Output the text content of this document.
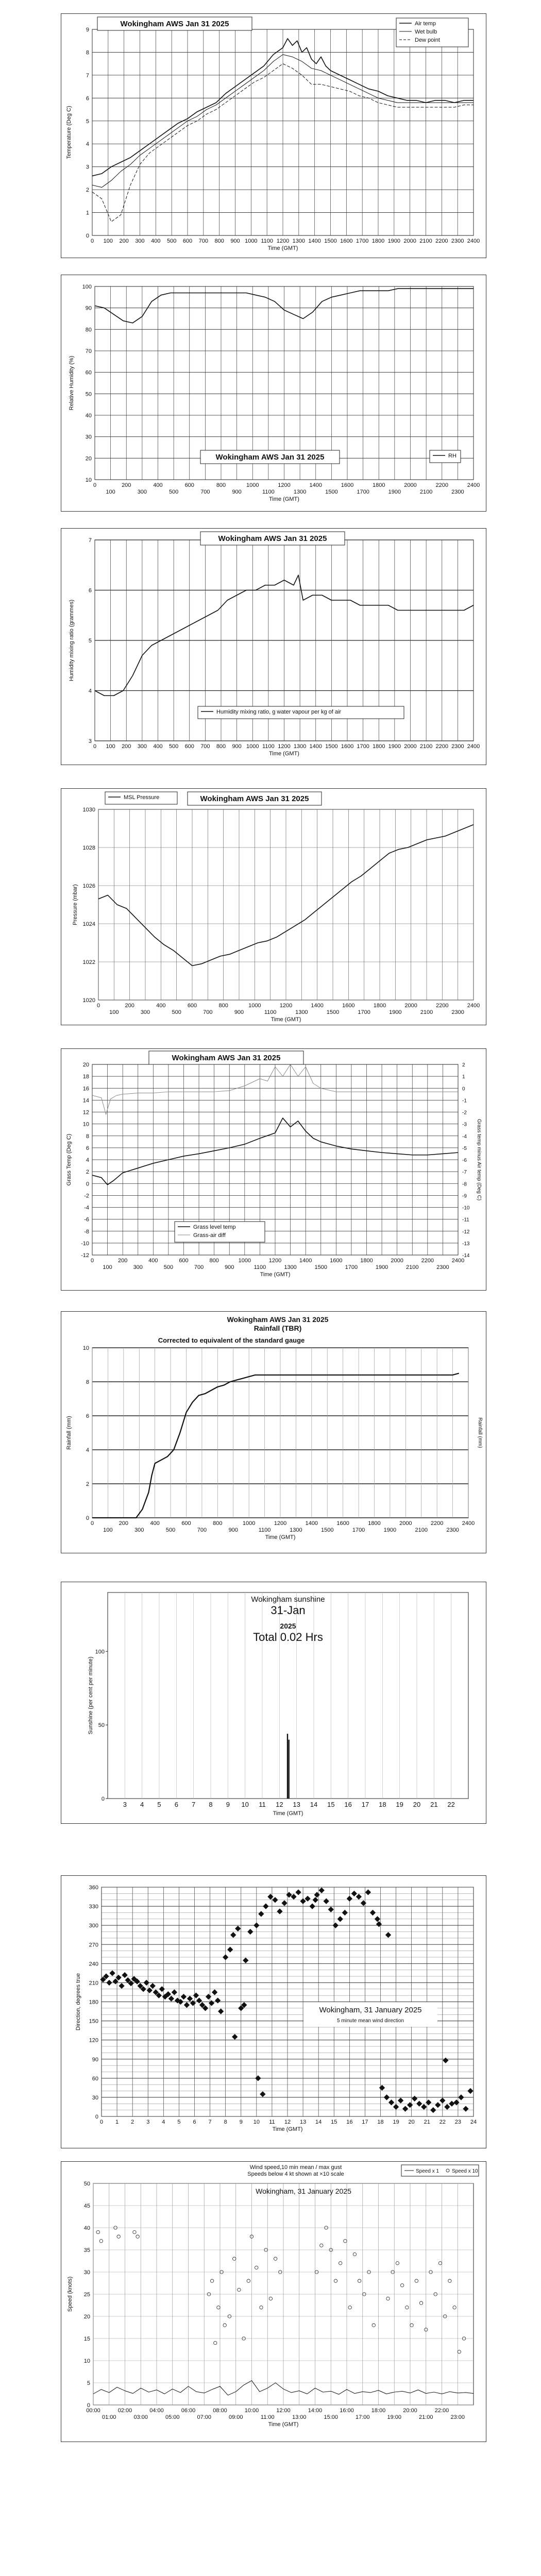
0
1
2
3
4
5
6
7
8
9
0 100 200 300 400 500 600 700 800 900 1000 1100 1200 1300 1400 1500 1600 1700 1800 1900 2000 2100 2200 2300 2400
Time (GMT)
Temperature (Deg C)
Wokingham AWS Jan 31 2025	Air temp
Wet bulb
Dew point
10
20
30
40
50
60
70
80
90
100
0	200	400	600	800	1000	1200	1400	1600	1800	2000	2200	2400
100	300	500	700	900	1100	1300	1500	1700	1900	2100	2300
Time (GMT)
Relative Humidity (%)
Wokingham AWS Jan 31 2025	RH
3
4
5
6
7
0 100 200 300 400 500 600 700 800 900 1000 1100 1200 1300 1400 1500 1600 1700 1800 1900 2000 2100 2200 2300 2400
Time (GMT)
Humidity mixing ratio (grammes)
Wokingham AWS Jan 31 2025
Humidity mixing ratio, g water vapour per kg of air
1020
1022
1024
1026
1028
1030
0	200	400	600	800	1000	1200	1400	1600	1800	2000	2200	2400
100	300	500	700	900	1100	1300	1500	1700	1900	2100	2300
Time (GMT)
Pressure (mbar)
MSL Pressure	Wokingham AWS Jan 31 2025
-12
-10
-8
-6
-4
-2
0
2
4
6
8
10
12
14
16
18
20
0	200	400	600	800	1000	1200	1400	1600	1800	2000	2200	2400
100	300	500	700	900	1100	1300	1500	1700	1900	2100	2300
Time (GMT)
Grass Temp (Deg C)
-14
-13
-12
-11
-10
-9
-8
-7
-6
-5
-4
-3
-2
-1
0
1
2
Grass temp minus Air temp (Deg C)
Wokingham AWS Jan 31 2025
Grass level temp
Grass-air diff
0
2
4
6
8
10
0	200	400	600	800	1000	1200	1400	1600	1800	2000	2200	2400
100	300	500	700	900	1100	1300	1500	1700	1900	2100	2300
Time (GMT)
Rainfall (mm)	Rainfall (mm)
Wokingham AWS Jan 31 2025
Rainfall (TBR)
Corrected to equivalent of the standard gauge
3 4 5 6 7 8 9 10 11 12 13 14 15 16 17 18 19 20 21 22
0
50
100
Time (GMT)
Sunshine (per cent per minute)
Wokingham sunshine
31-Jan
2025
Total 0.02 Hrs
0
30
60
90
120
150
180
210
240
270
300
330
360
0 1 2 3 4 5 6 7 8 9 10 11 12 13 14 15 16 17 18 19 20 21 22 23 24
Time (GMT)
Direction, degrees true	Wokingham, 31 January 2025
5 minute mean wind direction
0
5
10
15
20
25
30
35
40
45
50
00:00	02:00	04:00	06:00	08:00	10:00	12:00	14:00	16:00	18:00	20:00	22:00
01:00	03:00	05:00	07:00	09:00	11:00	13:00	15:00	17:00	19:00	21:00	23:00
Time (GMT)
Speed (knots)
Wind speed,10 min mean / max gust
Speeds below 4 kt shown at ×10 scale
Wokingham, 31 January 2025
Speed x 1 Speed x 10
